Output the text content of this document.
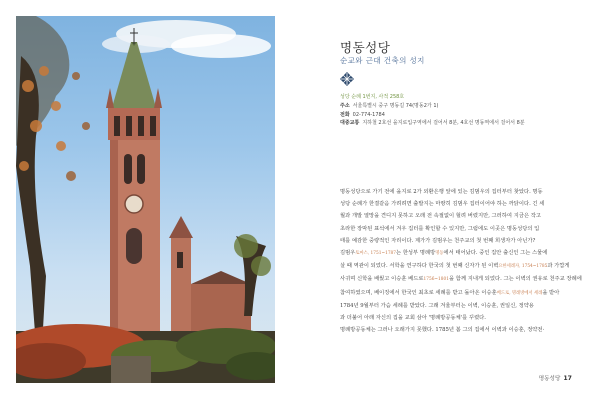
명동성당
순교와 근대 건축의 성지
성당 순례 1번지, 사적 258호
주소 서울특별시 중구 명동길 74(명동2가 1)
전화 02-774-1784
대중교통 지하철 2호선 을지로입구역에서 걸어서 8분, 4호선 명동역에서 걸어서 8분
명동성당으로 가기 전에 을지로 2가 외환은행 앞에 있는 김범우의 집터부터 찾았다. 명동
성당 순례가 한결같음 가려려면 출발지는 마땅히 김범우 집터이어야 하는 까닭이다. 긴 세
월과 개발 열망을 견디지 못하고 오래 전 속절없이 헐려 버렸지만, 그러하여 지금은 작고
초라한 장막된 표석에서 겨우 집터를 확인할 수 있지만, 그럼에도 이곳은 명동성당의 입
태를 예감한 중량적인 자리이다. 제가가 김범우는 천주교의 첫 번째 희생자가 아닌가?
김범우토마스, 1751~1787는 한성부 명례방명동에서 태어났다. 중인 집안 출신인 그는 스물에
살 때 역관이 되었다. 서학을 연구하다 한국의 첫 번째 신자가 된 이벽요한세례자, 1754~1785과 가깝게
사귀며 신학을 배웠고 이승훈 베드로1756~1801을 함께 지내게 되었다. 그는 이벽의 권유로 천주교 장례에
참여하였으며, 베이징에서 한국인 최초로 세례를 받고 돌아온 이승훈베드로, 명례방에서 세례을 받아
1784년 9월부터 가슴 세례를 받았다. 그래 겨울부터는 이벽, 이승훈, 권일신, 정약용
과 더불어 아래 자신의 집을 교회 삼아 '명례방공동체'를 꾸렸다.
명례방공동체는 그러나 오래가지 못했다. 1785년 봄 그의 집에서 이벽과 이승훈, 정약전·
명동성당 17
